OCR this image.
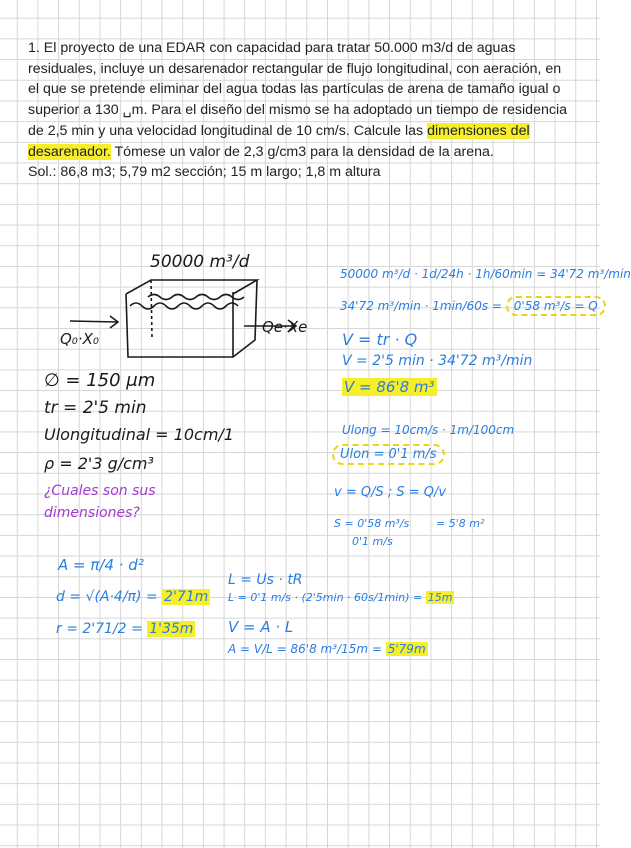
1. El proyecto de una EDAR con capacidad para tratar 50.000 m3/d de aguas residuales, incluye un desarenador rectangular de flujo longitudinal, con aeración, en el que se pretende eliminar del agua todas las partículas de arena de tamaño igual o superior a 130 ␣m. Para el diseño del mismo se ha adoptado un tiempo de residencia de 2,5 min y una velocidad longitudinal de 10 cm/s. Calcule las dimensiones del desarenador. Tómese un valor de 2,3 g/cm3 para la densidad de la arena.

Sol.: 86,8 m3; 5,79 m2 sección; 15 m largo; 1,8 m altura

50000 m³/d
Q₀·X₀
Qe·Xe
∅ = 150 μm
tr = 2'5 min
Ulongitudinal = 10cm/1
ρ = 2'3 g/cm³
¿Cuales son sus
dimensiones?
50000 m³/d · 1d/24h · 1h/60min = 34'72 m³/min
34'72 m³/min · 1min/60s = 0'58 m³/s = Q
V = tr · Q
V = 2'5 min · 34'72 m³/min
V = 86'8 m³
Ulong = 10cm/s · 1m/100cm
Ulon = 0'1 m/s
v = Q/S ; S = Q/v
S = 0'58 m³/s
0'1 m/s
= 5'8 m²
A = π/4 · d²
d = √(A·4/π) = 2'71m
r = 2'71/2 = 1'35m
L = Us · tR
L = 0'1 m/s · (2'5min · 60s/1min) = 15m
V = A · L
A = V/L = 86'8 m³/15m = 5'79m
